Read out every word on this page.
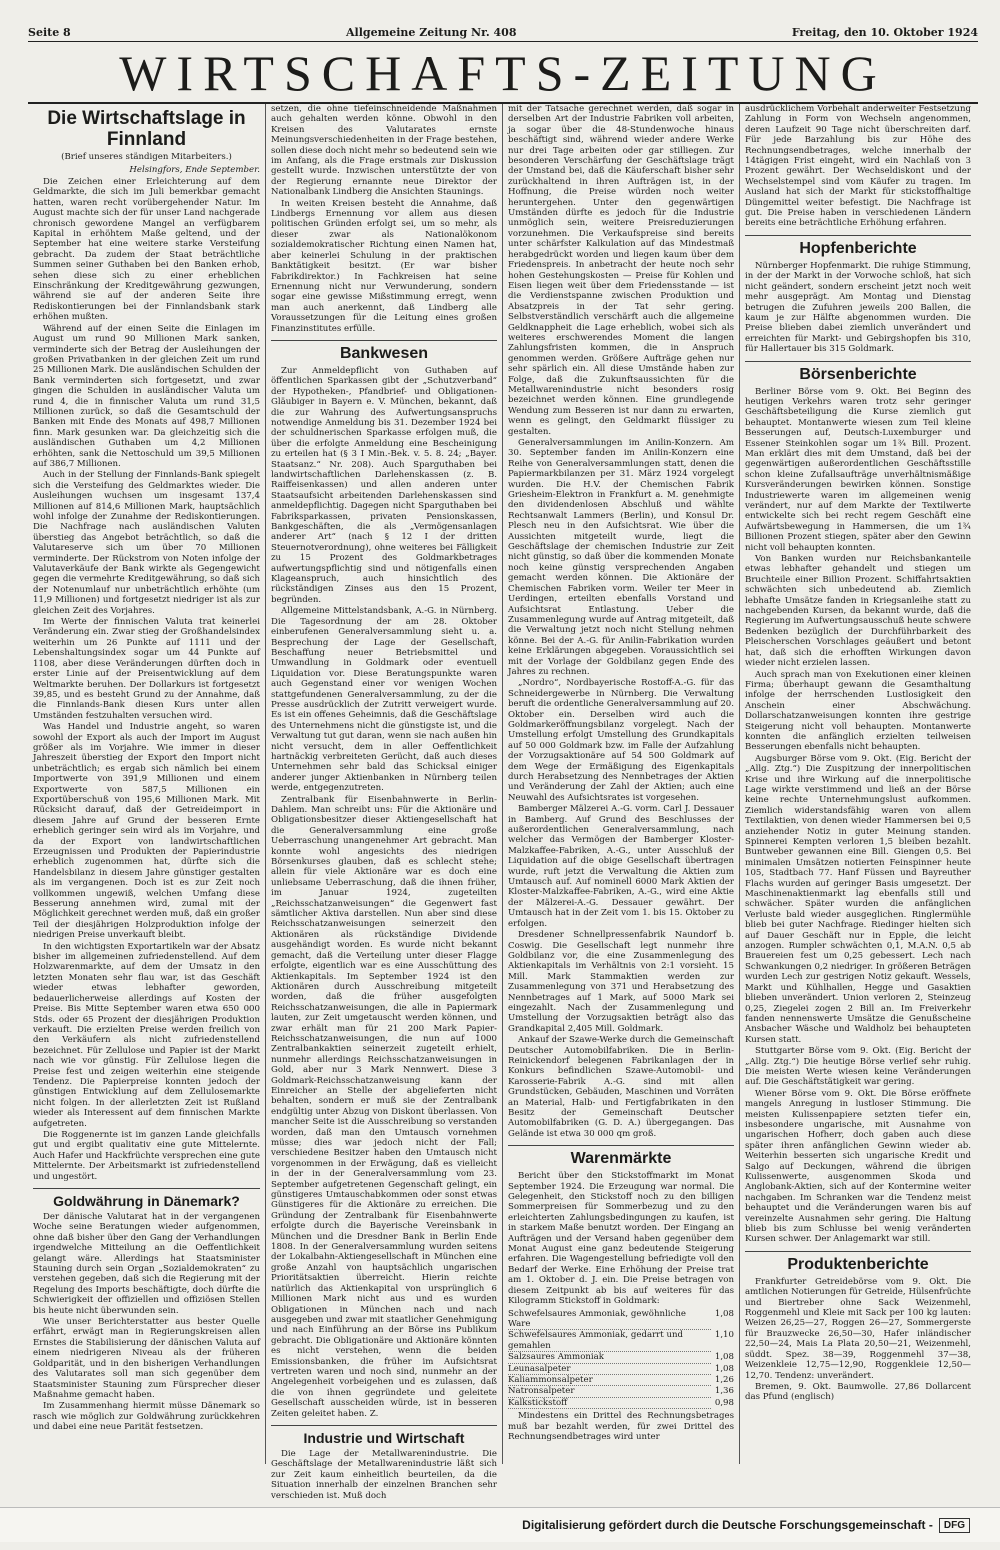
Seite 8	Allgemeine Zeitung Nr. 408	Freitag, den 10. Oktober 1924
WIRTSCHAFTS-ZEITUNG
Die Wirtschaftslage in Finnland
(Brief unseres ständigen Mitarbeiters.)
Helsingfors, Ende September.

Die Zeichen einer Erleichterung auf dem Geldmarkte, die sich im Juli bemerkbar gemacht hatten, waren recht vorübergehender Natur. Im August machte sich der für unser Land nachgerade chronisch gewordene Mangel an verfügbarem Kapital in erhöhtem Maße geltend, und der September hat eine weitere starke Versteifung gebracht. Da zudem der Staat beträchtliche Summen seiner Guthaben bei den Banken erhob, sehen diese sich zu einer erheblichen Einschränkung der Kreditgewährung gezwungen, während sie auf der anderen Seite ihre Rediskontierungen bei der Finnlandsbank stark erhöhen mußten.

Während auf der einen Seite die Einlagen im August um rund 90 Millionen Mark sanken, verminderte sich der Betrag der Ausleihungen der großen Privatbanken in der gleichen Zeit um rund 25 Millionen Mark. Die ausländischen Schulden der Bank verminderten sich fortgesetzt, und zwar gingen die Schulden in ausländischer Valuta um rund 4, die in finnischer Valuta um rund 31,5 Millionen zurück, so daß die Gesamtschuld der Banken mit Ende des Monats auf 498,7 Millionen finn. Mark gesunken war. Da gleichzeitig sich die ausländischen Guthaben um 4,2 Millionen erhöhten, sank die Nettoschuld um 39,5 Millionen auf 386,7 Millionen.

Auch in der Stellung der Finnlands-Bank spiegelt sich die Versteifung des Geldmarktes wieder. Die Ausleihungen wuchsen um insgesamt 137,4 Millionen auf 814,6 Millionen Mark, hauptsächlich wohl infolge der Zunahme der Rediskontierungen. Die Nachfrage nach ausländischen Valuten überstieg das Angebot beträchtlich, so daß die Valutareserve sich um über 70 Millionen verminderte. Der Rückstrom von Noten infolge der Valutaverkäufe der Bank wirkte als Gegengewicht gegen die vermehrte Kreditgewährung, so daß sich der Notenumlauf nur unbeträchtlich erhöhte (um 11,9 Millionen) und fortgesetzt niedriger ist als zur gleichen Zeit des Vorjahres.

Im Werte der finnischen Valuta trat keinerlei Veränderung ein. Zwar stieg der Großhandelsindex weiterhin um 26 Punkte auf 1111 und der Lebenshaltungsindex sogar um 44 Punkte auf 1108, aber diese Veränderungen dürften doch in erster Linie auf der Preisentwicklung auf dem Weltmarkte beruhen. Der Dollarkurs ist fortgesetzt 39,85, und es besteht Grund zu der Annahme, daß die Finnlands-Bank diesen Kurs unter allen Umständen festzuhalten versuchen wird.

Was Handel und Industrie angeht, so waren sowohl der Export als auch der Import im August größer als im Vorjahre. Wie immer in dieser Jahreszeit überstieg der Export den Import nicht unbeträchtlich; es ergab sich nämlich bei einem Importwerte von 391,9 Millionen und einem Exportwerte von 587,5 Millionen ein Exportüberschuß von 195,6 Millionen Mark. Mit Rücksicht darauf, daß der Getreideimport in diesem Jahre auf Grund der besseren Ernte erheblich geringer sein wird als im Vorjahre, und da der Export von landwirtschaftlichen Erzeugnissen und Produkten der Papierindustrie erheblich zugenommen hat, dürfte sich die Handelsbilanz in diesem Jahre günstiger gestalten als im vergangenen. Doch ist es zur Zeit noch vollkommen ungewiß, welchen Umfang diese Besserung annehmen wird, zumal mit der Möglichkeit gerechnet werden muß, daß ein großer Teil der diesjährigen Holzproduktion infolge der niedrigen Preise unverkauft bleibt.

In den wichtigsten Exportartikeln war der Absatz bisher im allgemeinen zufriedenstellend. Auf dem Holzwarenmarkte, auf dem der Umsatz in den letzten Monaten sehr flau war, ist das Geschäft wieder etwas lebhafter geworden, bedauerlicherweise allerdings auf Kosten der Preise. Bis Mitte September waren etwa 650 000 Stds. oder 65 Prozent der diesjährigen Produktion verkauft. Die erzielten Preise werden freilich von den Verkäufern als nicht zufriedenstellend bezeichnet. Für Zellulose und Papier ist der Markt nach wie vor günstig. Für Zellulose liegen die Preise fest und zeigen weiterhin eine steigende Tendenz. Die Papierpreise konnten jedoch der günstigen Entwicklung auf dem Zellulosemarkte nicht folgen. In der allerletzten Zeit ist Rußland wieder als Interessent auf dem finnischen Markte aufgetreten.

Die Roggenernte ist im ganzen Lande gleichfalls gut und ergibt qualitativ eine gute Mittelernte. Auch Hafer und Hackfrüchte versprechen eine gute Mittelernte. Der Arbeitsmarkt ist zufriedenstellend und ungestört.

Goldwährung in Dänemark?

Der dänische Valutarat hat in der vergangenen Woche seine Beratungen wieder aufgenommen, ohne daß bisher über den Gang der Verhandlungen irgendwelche Mitteilung an die Oeffentlichkeit gelangt wäre. Allerdings hat Staatsminister Stauning durch sein Organ „Sozialdemokraten“ zu verstehen gegeben, daß sich die Regierung mit der Regelung des Imports beschäftigte, doch dürfte die Schwierigkeit der offiziellen und offiziösen Stellen bis heute nicht überwunden sein.

Wie unser Berichterstatter aus bester Quelle erfährt, erwägt man in Regierungskreisen allen Ernstes die Stabilisierung der dänischen Valuta auf einem niedrigeren Niveau als der früheren Goldparität, und in den bisherigen Verhandlungen des Valutarates soll man sich gegenüber dem Staatsminister Stauning zum Fürsprecher dieser Maßnahme gemacht haben.

Im Zusammenhang hiermit müsse Dänemark so rasch wie möglich zur Goldwährung zurückkehren und dabei eine neue Parität festsetzen.

setzen, die ohne tiefeinschneidende Maßnahmen auch gehalten werden könne. Obwohl in den Kreisen des Valutarates ernste Meinungsverschiedenheiten in der Frage bestehen, sollen diese doch nicht mehr so bedeutend sein wie im Anfang, als die Frage erstmals zur Diskussion gestellt wurde. Inzwischen unterstützte der von der Regierung ernannte neue Direktor der Nationalbank Lindberg die Ansichten Staunings.

In weiten Kreisen besteht die Annahme, daß Lindbergs Ernennung vor allem aus diesen politischen Gründen erfolgt sei, um so mehr, als dieser zwar als Nationalökonom sozialdemokratischer Richtung einen Namen hat, aber keinerlei Schulung in der praktischen Banktätigkeit besitzt. (Er war bisher Fabrikdirektor.) In Fachkreisen hat seine Ernennung nicht nur Verwunderung, sondern sogar eine gewisse Mißstimmung erregt, wenn man auch anerkennt, daß Lindberg alle Voraussetzungen für die Leitung eines großen Finanzinstitutes erfülle.

Bankwesen

Zur Anmeldepflicht von Guthaben auf öffentlichen Sparkassen gibt der „Schutzverband“ der Hypotheken-, Pfandbrief- und Obligationen-Gläubiger in Bayern e. V. München, bekannt, daß die zur Wahrung des Aufwertungsanspruchs notwendige Anmeldung bis 31. Dezember 1924 bei der schuldnerischen Sparkasse erfolgen muß, die über die erfolgte Anmeldung eine Bescheinigung zu erteilen hat (§ 3 I Min.-Bek. v. 5. 8. 24; „Bayer. Staatsanz.“ Nr. 208). Auch Sparguthaben bei landwirtschaftlichen Darlehenskassen (z. B. Raiffeisenkassen) und allen anderen unter Staatsaufsicht arbeitenden Darlehenskassen sind anmeldepflichtig. Dagegen nicht Sparguthaben bei Fabriksparkassen, privaten Pensionskassen, Bankgeschäften, die als „Vermögensanlagen anderer Art“ (nach § 12 I der dritten Steuernotverordnung), ohne weiteres bei Fälligkeit zu 15 Prozent des Goldmarkbetrages aufwertungspflichtig sind und nötigenfalls einen Klageanspruch, auch hinsichtlich des rückständigen Zinses aus den 15 Prozent, begründen.

Allgemeine Mittelstandsbank, A.-G. in Nürnberg. Die Tagesordnung der am 28. Oktober einberufenen Generalversammlung sieht u. a. Besprechung der Lage der Gesellschaft, Beschaffung neuer Betriebsmittel und Umwandlung in Goldmark oder eventuell Liquidation vor. Diese Beratungspunkte waren auch Gegenstand einer vor wenigen Wochen stattgefundenen Generalversammlung, zu der die Presse ausdrücklich der Zutritt verweigert wurde. Es ist ein offenes Geheimnis, daß die Geschäftslage des Unternehmens nicht die günstigste ist, und die Verwaltung tut gut daran, wenn sie nach außen hin nicht versucht, dem in aller Oeffentlichkeit hartnäckig verbreiteten Gerücht, daß auch dieses Unternehmen sehr bald das Schicksal einiger anderer junger Aktienbanken in Nürnberg teilen werde, entgegenzutreten.

Zentralbank für Eisenbahnwerte in Berlin-Dahlem. Man schreibt uns: Für die Aktionäre und Obligationsbesitzer dieser Aktiengesellschaft hat die Generalversammlung eine große Ueberraschung unangenehmer Art gebracht. Man konnte wohl angesichts des niedrigen Börsenkurses glauben, daß es schlecht stehe; allein für viele Aktionäre war es doch eine unliebsame Ueberraschung, daß die ihnen früher, im Januar 1924, zugeteilten „Reichsschatzanweisungen“ die Gegenwert fast sämtlicher Aktiva darstellen. Nun aber sind diese Reichsschatzanweisungen seinerzeit den Aktionären als rückständige Dividende ausgehändigt worden. Es wurde nicht bekannt gemacht, daß die Verteilung unter dieser Flagge erfolgte, eigentlich war es eine Ausschüttung des Aktienkapitals. Im September 1924 ist den Aktionären durch Ausschreibung mitgeteilt worden, daß die früher ausgefolgten Reichsschatzanweisungen, die alle in Papiermark lauten, zur Zeit umgetauscht werden können, und zwar erhält man für 21 200 Mark Papier-Reichsschatzanweisungen, die nun auf 1000 Zentralbankaktien seinerzeit zugeteilt erhielt, nunmehr allerdings Reichsschatzanweisungen in Gold, aber nur 3 Mark Nennwert. Diese 3 Goldmark-Reichsschatzanweisung kann der Einreicher an Stelle der abgelieferten nicht behalten, sondern er muß sie der Zentralbank endgültig unter Abzug von Diskont überlassen. Von mancher Seite ist die Ausschreibung so verstanden worden, daß man den Umtausch vornehmen müsse; dies war jedoch nicht der Fall; verschiedene Besitzer haben den Umtausch nicht vorgenommen in der Erwägung, daß es vielleicht in der in der Generalversammlung vom 23. September aufgetretenen Gegenschaft gelingt, ein günstigeres Umtauschabkommen oder sonst etwas Günstigeres für die Aktionäre zu erreichen. Die Gründung der Zentralbank für Eisenbahnwerte erfolgte durch die Bayerische Vereinsbank in München und die Dresdner Bank in Berlin Ende 1808. In der Generalversammlung wurden seitens der Lokalbahn-Aktiengesellschaft in München eine große Anzahl von hauptsächlich ungarischen Prioritätsaktien überreicht. Hierin reichte natürlich das Aktienkapital von ursprünglich 6 Millionen Mark nicht aus und es wurden Obligationen in München nach und nach ausgegeben und zwar mit staatlicher Genehmigung und nach Einführung an der Börse ins Publikum gebracht. Die Obligationäre und Aktionäre könnten es nicht verstehen, wenn die beiden Emissionsbanken, die früher im Aufsichtsrat vertreten waren und noch sind, nunmehr an der Angelegenheit vorbeigehen und es zulassen, daß die von ihnen gegründete und geleitete Gesellschaft ausscheiden würde, ist in besseren Zeiten geleitet haben. Z.

Industrie und Wirtschaft

Die Lage der Metallwarenindustrie. Die Geschäftslage der Metallwarenindustrie läßt sich zur Zeit kaum einheitlich beurteilen, da die Situation innerhalb der einzelnen Branchen sehr verschieden ist. Muß doch

mit der Tatsache gerechnet werden, daß sogar in derselben Art der Industrie Fabriken voll arbeiten, ja sogar über die 48-Stundenwoche hinaus beschäftigt sind, während wieder andere Werke nur drei Tage arbeiten oder gar stilliegen. Zur besonderen Verschärfung der Geschäftslage trägt der Umstand bei, daß die Käuferschaft bisher sehr zurückhaltend in ihren Aufträgen ist, in der Hoffnung, die Preise würden noch weiter heruntergehen. Unter den gegenwärtigen Umständen dürfte es jedoch für die Industrie unmöglich sein, weitere Preisreduzierungen vorzunehmen. Die Verkaufspreise sind bereits unter schärfster Kalkulation auf das Mindestmaß herabgedrückt worden und liegen kaum über dem Friedenspreis. In anbetracht der heute noch sehr hohen Gestehungskosten — Preise für Kohlen und Eisen liegen weit über dem Friedensstande — ist die Verdienstspanne zwischen Produktion und Absatzpreis in der Tat sehr gering. Selbstverständlich verschärft auch die allgemeine Geldknappheit die Lage erheblich, wobei sich als weiteres erschwerendes Moment die langen Zahlungsfristen kommen, die in Anspruch genommen werden. Größere Aufträge gehen nur sehr spärlich ein. All diese Umstände haben zur Folge, daß die Zukunftsaussichten für die Metallwarenindustrie nicht besonders rosig bezeichnet werden können. Eine grundlegende Wendung zum Besseren ist nur dann zu erwarten, wenn es gelingt, den Geldmarkt flüssiger zu gestalten.

Generalversammlungen im Anilin-Konzern. Am 30. September fanden im Anilin-Konzern eine Reihe von Generalversammlungen statt, denen die Papiermarkbilanzen per 31. März 1924 vorgelegt wurden. Die H.V. der Chemischen Fabrik Griesheim-Elektron in Frankfurt a. M. genehmigte den dividendenlosen Abschluß und wählte Rechtsanwalt Lammers (Berlin), und Konsul Dr. Plesch neu in den Aufsichtsrat. Wie über die Aussichten mitgeteilt wurde, liegt die Geschäftslage der chemischen Industrie zur Zeit nicht günstig, so daß über die kommenden Monate noch keine günstig versprechenden Angaben gemacht werden können. Die Aktionäre der Chemischen Fabriken vorm. Weiler ter Meer in Uerdingen, erteilten ebenfalls Vorstand und Aufsichtsrat Entlastung. Ueber die Zusammenlegung wurde auf Antrag mitgeteilt, daß die Verwaltung jetzt noch nicht Stellung nehmen könne. Bei der A.-G. für Anilin-Fabrikation wurden keine Erklärungen abgegeben. Voraussichtlich sei mit der Vorlage der Goldbilanz gegen Ende des Jahres zu rechnen.

„Nordro“, Nordbayerische Rostoff-A.-G. für das Schneidergewerbe in Nürnberg. Die Verwaltung beruft die ordentliche Generalversammlung auf 20. Oktober ein. Derselben wird auch die Goldmarkeröffnungsbilanz vorgelegt. Nach der Umstellung erfolgt Umstellung des Grundkapitals auf 50 000 Goldmark bzw. im Falle der Aufzahlung der Vorzugsaktionäre auf 54 500 Goldmark auf dem Wege der Ermäßigung des Eigenkapitals durch Herabsetzung des Nennbetrages der Aktien und Veränderung der Zahl der Aktien; auch eine Neuwahl des Aufsichtsrates ist vorgesehen.

Bamberger Mälzerei A.-G. vorm. Carl J. Dessauer in Bamberg. Auf Grund des Beschlusses der außerordentlichen Generalversammlung, nach welcher das Vermögen der Bamberger Kloster-Malzkaffee-Fabriken, A.-G., unter Ausschluß der Liquidation auf die obige Gesellschaft übertragen wurde, ruft jetzt die Verwaltung die Aktien zum Umtausch auf. Auf nominell 6000 Mark Aktien der Kloster-Malzkaffee-Fabriken, A.-G., wird eine Aktie der Mälzerei-A.-G. Dessauer gewährt. Der Umtausch hat in der Zeit vom 1. bis 15. Oktober zu erfolgen.

Dresdener Schnellpressenfabrik Naundorf b. Coswig. Die Gesellschaft legt nunmehr ihre Goldbilanz vor, die eine Zusammenlegung des Aktienkapitals im Verhältnis von 2:1 vorsieht. 15 Mill. Mark Stammaktien werden zur Zusammenlegung von 371 und Herabsetzung des Nennbetrages auf 1 Mark, auf 5000 Mark sei eingezahlt. Nach der Zusammenlegung und Umstellung der Vorzugsaktien beträgt also das Grandkapital 2,405 Mill. Goldmark.

Ankauf der Szawe-Werke durch die Gemeinschaft Deutscher Automobilfabriken. Die in Berlin-Reinickendorf belegenen Fabrikanlagen der in Konkurs befindlichen Szawe-Automobil- und Karosserie-Fabrik A.-G. sind mit allen Grundstücken, Gebäuden, Maschinen und Vorräten an Material, Halb- und Fertigfabrikaten in den Besitz der Gemeinschaft Deutscher Automobilfabriken (G. D. A.) übergegangen. Das Gelände ist etwa 30 000 qm groß.

Warenmärkte

Bericht über den Stickstoffmarkt im Monat September 1924. Die Erzeugung war normal. Die Gelegenheit, den Stickstoff noch zu den billigen Sommerpreisen für Sommerbezug und zu den erleichterten Zahlungsbedingungen zu kaufen, ist in starkem Maße benutzt worden. Der Eingang an Aufträgen und der Versand haben gegenüber dem Monat August eine ganz bedeutende Steigerung erfahren. Die Wagengestellung befriedigte voll den Bedarf der Werke. Eine Erhöhung der Preise trat am 1. Oktober d. J. ein. Die Preise betragen von diesem Zeitpunkt ab bis auf weiteres für das Kilogramm Stickstoff in Goldmark:

Schwefelsaures Ammoniak, gewöhnliche Ware
1,08
Schwefelsaures Ammoniak, gedarrt und gemahlen
1,10
Salzsaures Ammoniak	1,08
Leunasalpeter	1,08
Kaliammonsalpeter	1,26
Natronsalpeter	1,36
Kalkstickstoff	0,98

Mindestens ein Drittel des Rechnungsbetrages muß bar bezahlt werden, für zwei Drittel des Rechnungsendbetrages wird unter

ausdrücklichem Vorbehalt anderweiter Festsetzung Zahlung in Form von Wechseln angenommen, deren Laufzeit 90 Tage nicht überschreiten darf. Für jede Barzahlung bis zur Höhe des Rechnungsendbetrages, welche innerhalb der 14tägigen Frist eingeht, wird ein Nachlaß von 3 Prozent gewährt. Der Wechseldiskont und der Wechselstempel sind vom Käufer zu tragen. Im Ausland hat sich der Markt für stickstoffhaltige Düngemittel weiter befestigt. Die Nachfrage ist gut. Die Preise haben in verschiedenen Ländern bereits eine beträchtliche Erhöhung erfahren.

Hopfenberichte

Nürnberger Hopfenmarkt. Die ruhige Stimmung, in der der Markt in der Vorwoche schloß, hat sich nicht geändert, sondern erscheint jetzt noch weit mehr ausgeprägt. Am Montag und Dienstag betrugen die Zufuhren jeweils 200 Ballen, die kaum je zur Hälfte abgenommen wurden. Die Preise blieben dabei ziemlich unverändert und erreichten für Markt- und Gebirgshopfen bis 310, für Hallertauer bis 315 Goldmark.

Börsenberichte

Berliner Börse vom 9. Okt. Bei Beginn des heutigen Verkehrs waren trotz sehr geringer Geschäftsbeteiligung die Kurse ziemlich gut behauptet. Montanwerte wiesen zum Teil kleine Besserungen auf, Deutsch-Luxemburger und Essener Steinkohlen sogar um 1¾ Bill. Prozent. Man erklärt dies mit dem Umstand, daß bei der gegenwärtigen außerordentlichen Geschäftsstille schon kleine Zufallsaufträge unverhältnismäßige Kursveränderungen bewirken können. Sonstige Industriewerte waren im allgemeinen wenig verändert, nur auf dem Markte der Textilwerte entwickelte sich bei recht regem Geschäft eine Aufwärtsbewegung in Hammersen, die um 1¾ Billionen Prozent stiegen, später aber den Gewinn nicht voll behaupten konnten.

Von Banken wurden nur Reichsbankanteile etwas lebhafter gehandelt und stiegen um Bruchteile einer Billion Prozent. Schiffahrtsaktien schwächten sich unbedeutend ab. Ziemlich lebhafte Umsätze fanden in Kriegsanleihe statt zu nachgebenden Kursen, da bekannt wurde, daß die Regierung im Aufwertungsausschuß heute schwere Bedenken bezüglich der Durchführbarkeit des Pleischerschen Vorschlages geäußert und betont hat, daß sich die erhofften Wirkungen davon wieder nicht erzielen lassen.

Auch sprach man von Exekutionen einer kleinen Firma; überhaupt gewann die Gesamthaltung infolge der herrschenden Lustlosigkeit den Anschein einer Abschwächung. Dollarschatzanweisungen konnten ihre gestrige Steigerung nicht voll behaupten. Montanwerte konnten die anfänglich erzielten teilweisen Besserungen ebenfalls nicht behaupten.

Augsburger Börse vom 9. Okt. (Eig. Bericht der „Allg. Ztg.“) Die Zuspitzung der innerpolitischen Krise und ihre Wirkung auf die innerpolitische Lage wirkte verstimmend und ließ an der Börse keine rechte Unternehmungslust aufkommen. Ziemlich widerstandsfähig waren von allem Textilaktien, von denen wieder Hammersen bei 0,5 anziehender Notiz in guter Meinung standen. Spinnerei Kempten verloren 1,5 bleiben bezahlt. Buntweber gewannen eine Bill. Giengen 0,5. Bei minimalen Umsätzen notierten Feinspinner heute 105, Stadtbach 77. Hanf Füssen und Bayreuther Flachs wurden auf geringer Basis umgesetzt. Der Maschinenaktienmarkt lag ebenfalls still und schwächer. Später wurden die anfänglichen Verluste bald wieder ausgeglichen. Ringlermühle blieb bei guter Nachfrage. Riedinger hielten sich auf Dauer Geschäft nur in Epple, die leicht anzogen. Rumpler schwächten 0,1, M.A.N. 0,5 ab Brauereien fest um 0,25 gebessert. Lech nach Schwankungen 0,2 niedriger. In größeren Beträgen wurden Lech zur gestrigen Notiz gekauft. Wessels, Markt und Kühlhallen, Hegge und Gasaktien blieben unverändert. Union verloren 2, Steinzeug 0,25, Ziegelei zogen 2 Bill an. Im Freiverkehr fanden nennenswerte Umsätze die Genußscheine Ansbacher Wäsche und Waldholz bei behaupteten Kursen statt.

Stuttgarter Börse vom 9. Okt. (Eig. Bericht der „Allg. Ztg.“) Die heutige Börse verlief sehr ruhig. Die meisten Werte wiesen keine Veränderungen auf. Die Geschäftstätigkeit war gering.

Wiener Börse vom 9. Okt. Die Börse eröffnete mangels Anregung in lustloser Stimmung. Die meisten Kulissenpapiere setzten tiefer ein, insbesondere ungarische, mit Ausnahme von ungarischen Hofherr, doch gaben auch diese später ihren anfänglichen Gewinn wieder ab. Weiterhin besserten sich ungarische Kredit und Salgo auf Deckungen, während die übrigen Kulissenwerte, ausgenommen Skoda und Anglobank-Aktien, sich auf der Kontermine weiter nachgaben. Im Schranken war die Tendenz meist behauptet und die Veränderungen waren bis auf vereinzelte Ausnahmen sehr gering. Die Haltung blieb bis zum Schlusse bei wenig veränderten Kursen schwer. Der Anlagemarkt war still.

Produktenberichte

Frankfurter Getreidebörse vom 9. Okt. Die amtlichen Notierungen für Getreide, Hülsenfrüchte und Biertreber ohne Sack Weizenmehl, Roggenmehl und Kleie mit Sack per 100 kg lauten: Weizen 26,25—27, Roggen 26—27, Sommergerste für Brauzwecke 26,50—30, Hafer inländischer 22,50—24, Mais La Plata 20,50—21, Weizenmehl, süddt. Spez. 38—39, Roggenmehl 37—38, Weizenkleie 12,75—12,90, Roggenkleie 12,50—12,70. Tendenz: unverändert.

Bremen, 9. Okt. Baumwolle. 27,86 Dollarcent das Pfund (englisch)

Digitalisierung gefördert durch die Deutsche Forschungsgemeinschaft -	DFG
